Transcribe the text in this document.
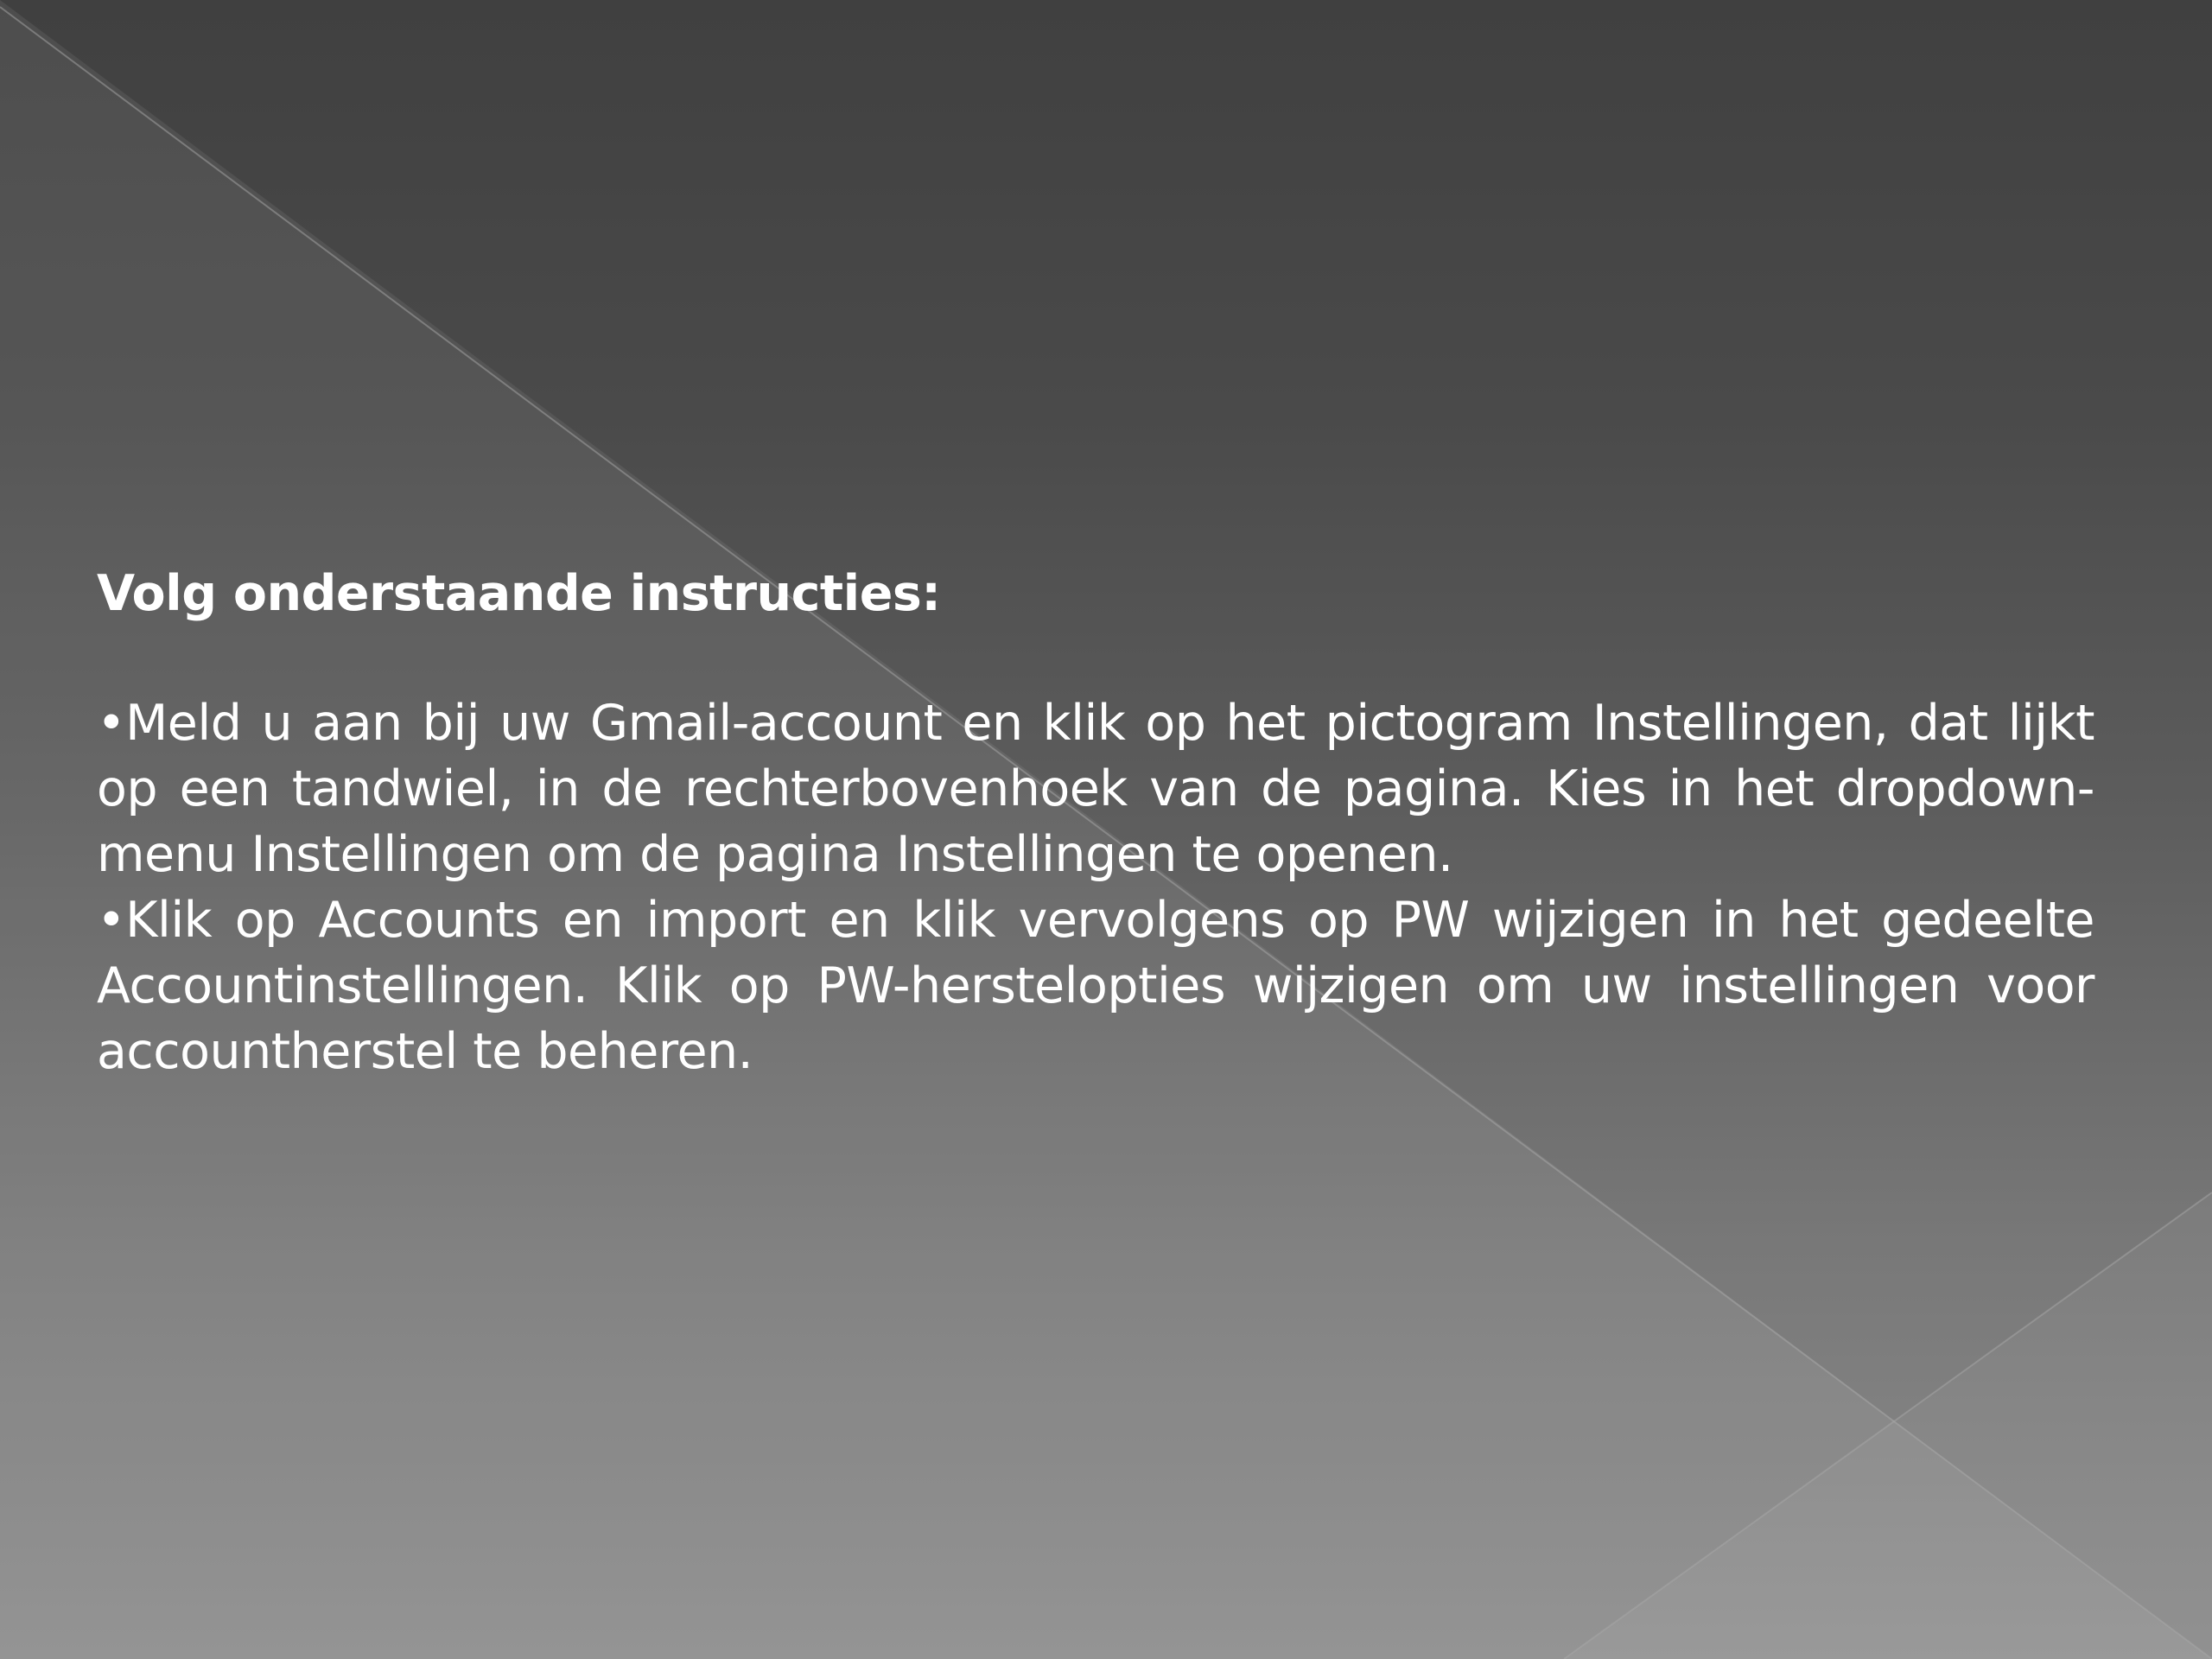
Volg onderstaande instructies:

•Meld u aan bij uw Gmail-account en klik op het pictogram Instellingen, dat lijkt op een tandwiel, in de rechterbovenhoek van de pagina. Kies in het dropdown-menu Instellingen om de pagina Instellingen te openen.

•Klik op Accounts en import en klik vervolgens op PW wijzigen in het gedeelte Accountinstellingen. Klik op PW-herstelopties wijzigen om uw instellingen voor accountherstel te beheren.
